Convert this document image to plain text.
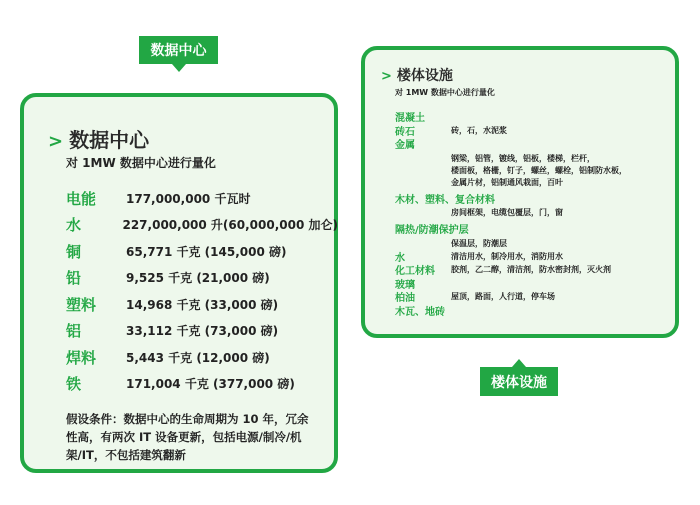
数据中心
> 数据中心
对 1MW 数据中心进行量化
电能	177,000,000 千瓦时
水	227,000,000 升(60,000,000 加仑)
铜	65,771 千克 (145,000 磅)
铅	9,525 千克 (21,000 磅)
塑料	14,968 千克 (33,000 磅)
铝	33,112 千克 (73,000 磅)
焊料	5,443 千克 (12,000 磅)
铁	171,004 千克 (377,000 磅)
假设条件：数据中心的生命周期为 10 年，冗余
性高，有两次 IT 设备更新，包括电源/制冷/机
架/IT，不包括建筑翻新
> 楼体设施
对 1MW 数据中心进行量化
混凝土
砖石	砖，石，水泥浆
金属
钢梁，铝管，镀线，铝板，楼梯，栏杆，
楼面板，格栅，钉子，螺丝，螺栓，铝制防水板，
金属片材，铝制通风栽面，百叶
木材、塑料、复合材料
房间框架，电缆包覆层，门，窗
隔热/防潮保护层
保温层，防潮层
水	清洁用水，制冷用水，消防用水
化工材料	胶剂，乙二醇，清洁剂，防水密封剂，灭火剂
玻璃
柏油	屋顶，路面，人行道，停车场
木瓦、地砖
楼体设施
